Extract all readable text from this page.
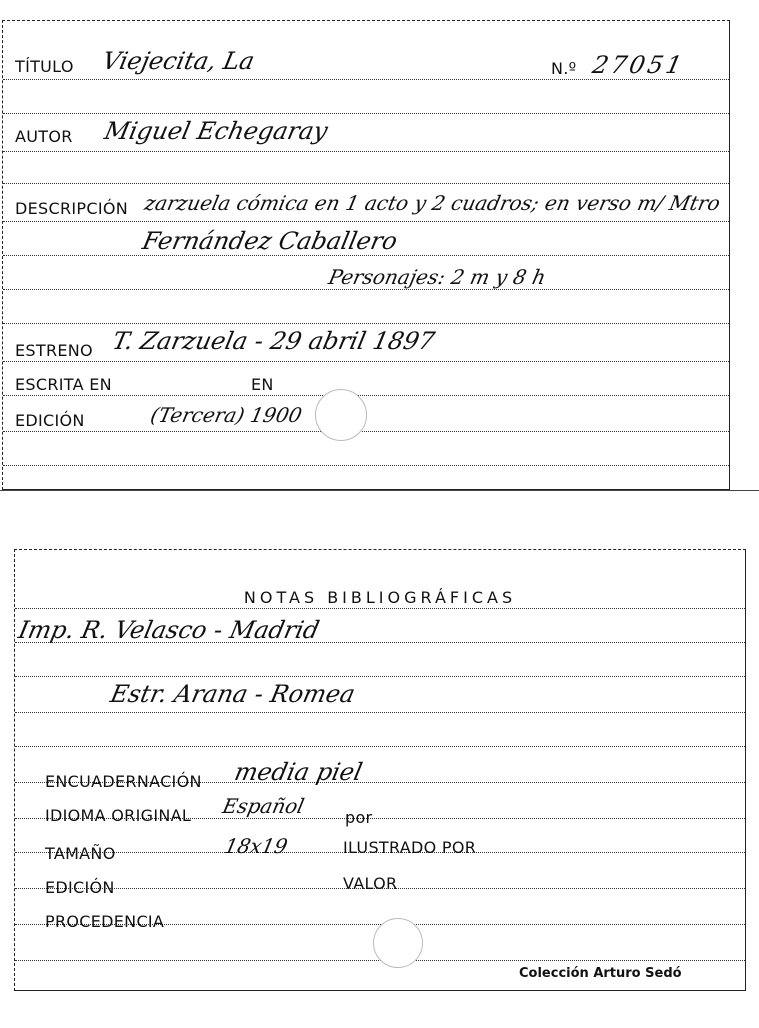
TÍTULO Viejecita, La	N.º 27051
AUTOR Miguel Echegaray
DESCRIPCIÓN zarzuela cómica en 1 acto y 2 cuadros; en verso m/ Mtro
Fernández Caballero
Personajes: 2 m y 8 h
ESTRENO T. Zarzuela - 29 abril 1897
ESCRITA EN	EN
EDICIÓN	(Tercera) 1900
NOTAS BIBLIOGRÁFICAS
Imp. R. Velasco - Madrid
Estr. Arana - Romea
ENCUADERNACIÓN media piel
IDIOMA ORIGINAL Español por
TAMAÑO	18x19	ILUSTRADO POR
EDICIÓN	VALOR
PROCEDENCIA
Colección Arturo Sedó
